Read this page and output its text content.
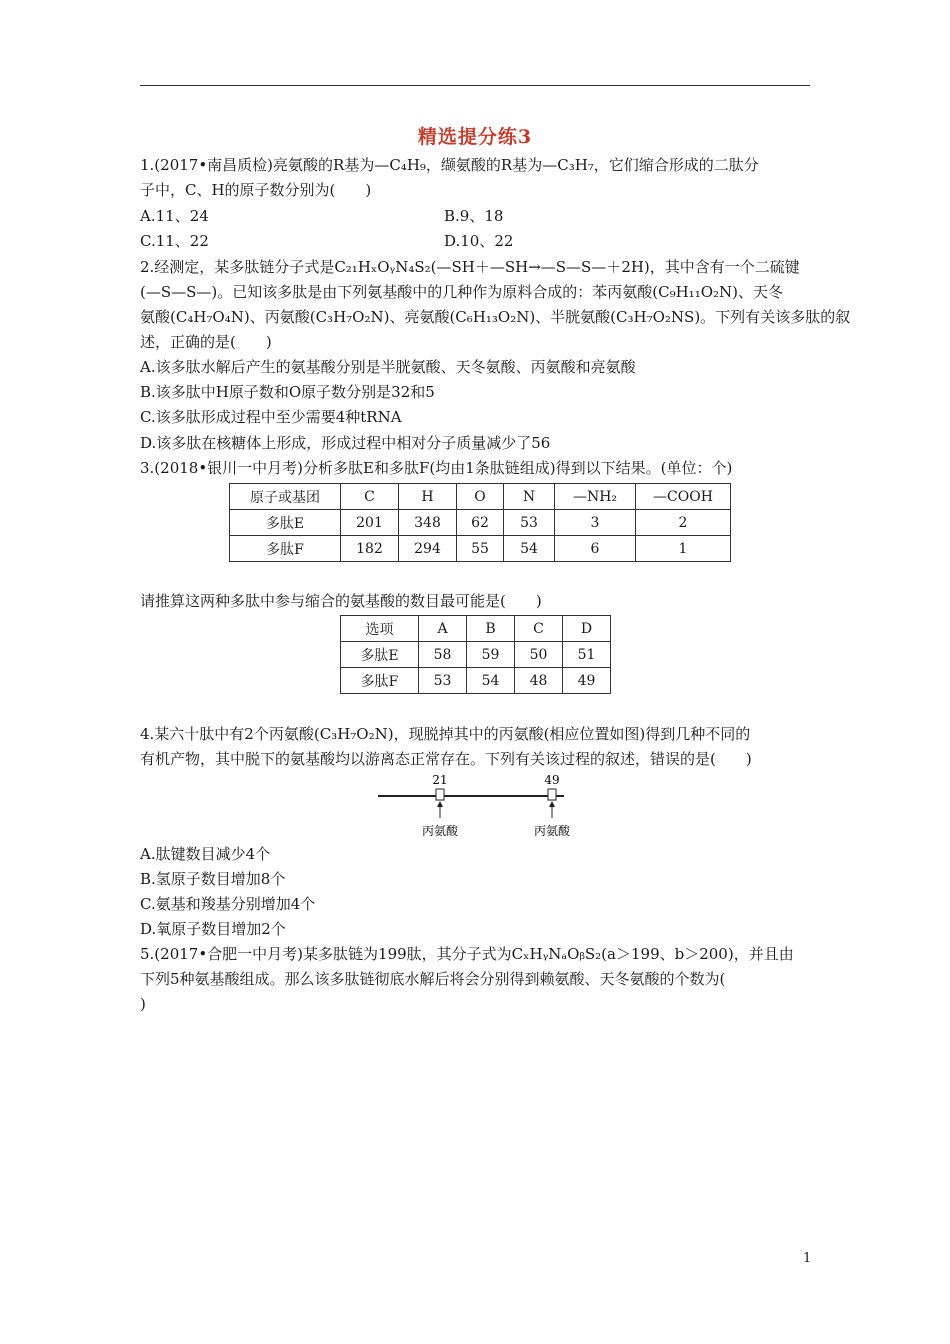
精选提分练3
1.(2017•南昌质检)亮氨酸的R基为—C₄H₉，缬氨酸的R基为—C₃H₇，它们缩合形成的二肽分
子中，C、H的原子数分别为(　　)
A.11、24	B.9、18
C.11、22	D.10、22
2.经测定，某多肽链分子式是C₂₁HₓOᵧN₄S₂(—SH＋—SH→—S—S—＋2H)，其中含有一个二硫键
(—S—S—)。已知该多肽是由下列氨基酸中的几种作为原料合成的：苯丙氨酸(C₉H₁₁O₂N)、天冬
氨酸(C₄H₇O₄N)、丙氨酸(C₃H₇O₂N)、亮氨酸(C₆H₁₃O₂N)、半胱氨酸(C₃H₇O₂NS)。下列有关该多肽的叙
述，正确的是(　　)
A.该多肽水解后产生的氨基酸分别是半胱氨酸、天冬氨酸、丙氨酸和亮氨酸
B.该多肽中H原子数和O原子数分别是32和5
C.该多肽形成过程中至少需要4种tRNA
D.该多肽在核糖体上形成，形成过程中相对分子质量减少了56
3.(2018•银川一中月考)分析多肽E和多肽F(均由1条肽链组成)得到以下结果。(单位：个)
原子或基团	C	H	O	N	—NH₂	—COOH
多肽E	201	348	62	53	3	2
多肽F	182	294	55	54	6	1
请推算这两种多肽中参与缩合的氨基酸的数目最可能是(　　)
选项	A	B	C	D
多肽E	58	59	50	51
多肽F	53	54	48	49
4.某六十肽中有2个丙氨酸(C₃H₇O₂N)，现脱掉其中的丙氨酸(相应位置如图)得到几种不同的
有机产物，其中脱下的氨基酸均以游离态正常存在。下列有关该过程的叙述，错误的是(　　)
21
丙氨酸
49
丙氨酸
A.肽键数目减少4个
B.氢原子数目增加8个
C.氨基和羧基分别增加4个
D.氧原子数目增加2个
5.(2017•合肥一中月考)某多肽链为199肽，其分子式为CₓHᵧNₐOᵦS₂(a＞199、b＞200)，并且由
下列5种氨基酸组成。那么该多肽链彻底水解后将会分别得到赖氨酸、天冬氨酸的个数为(
)
1
